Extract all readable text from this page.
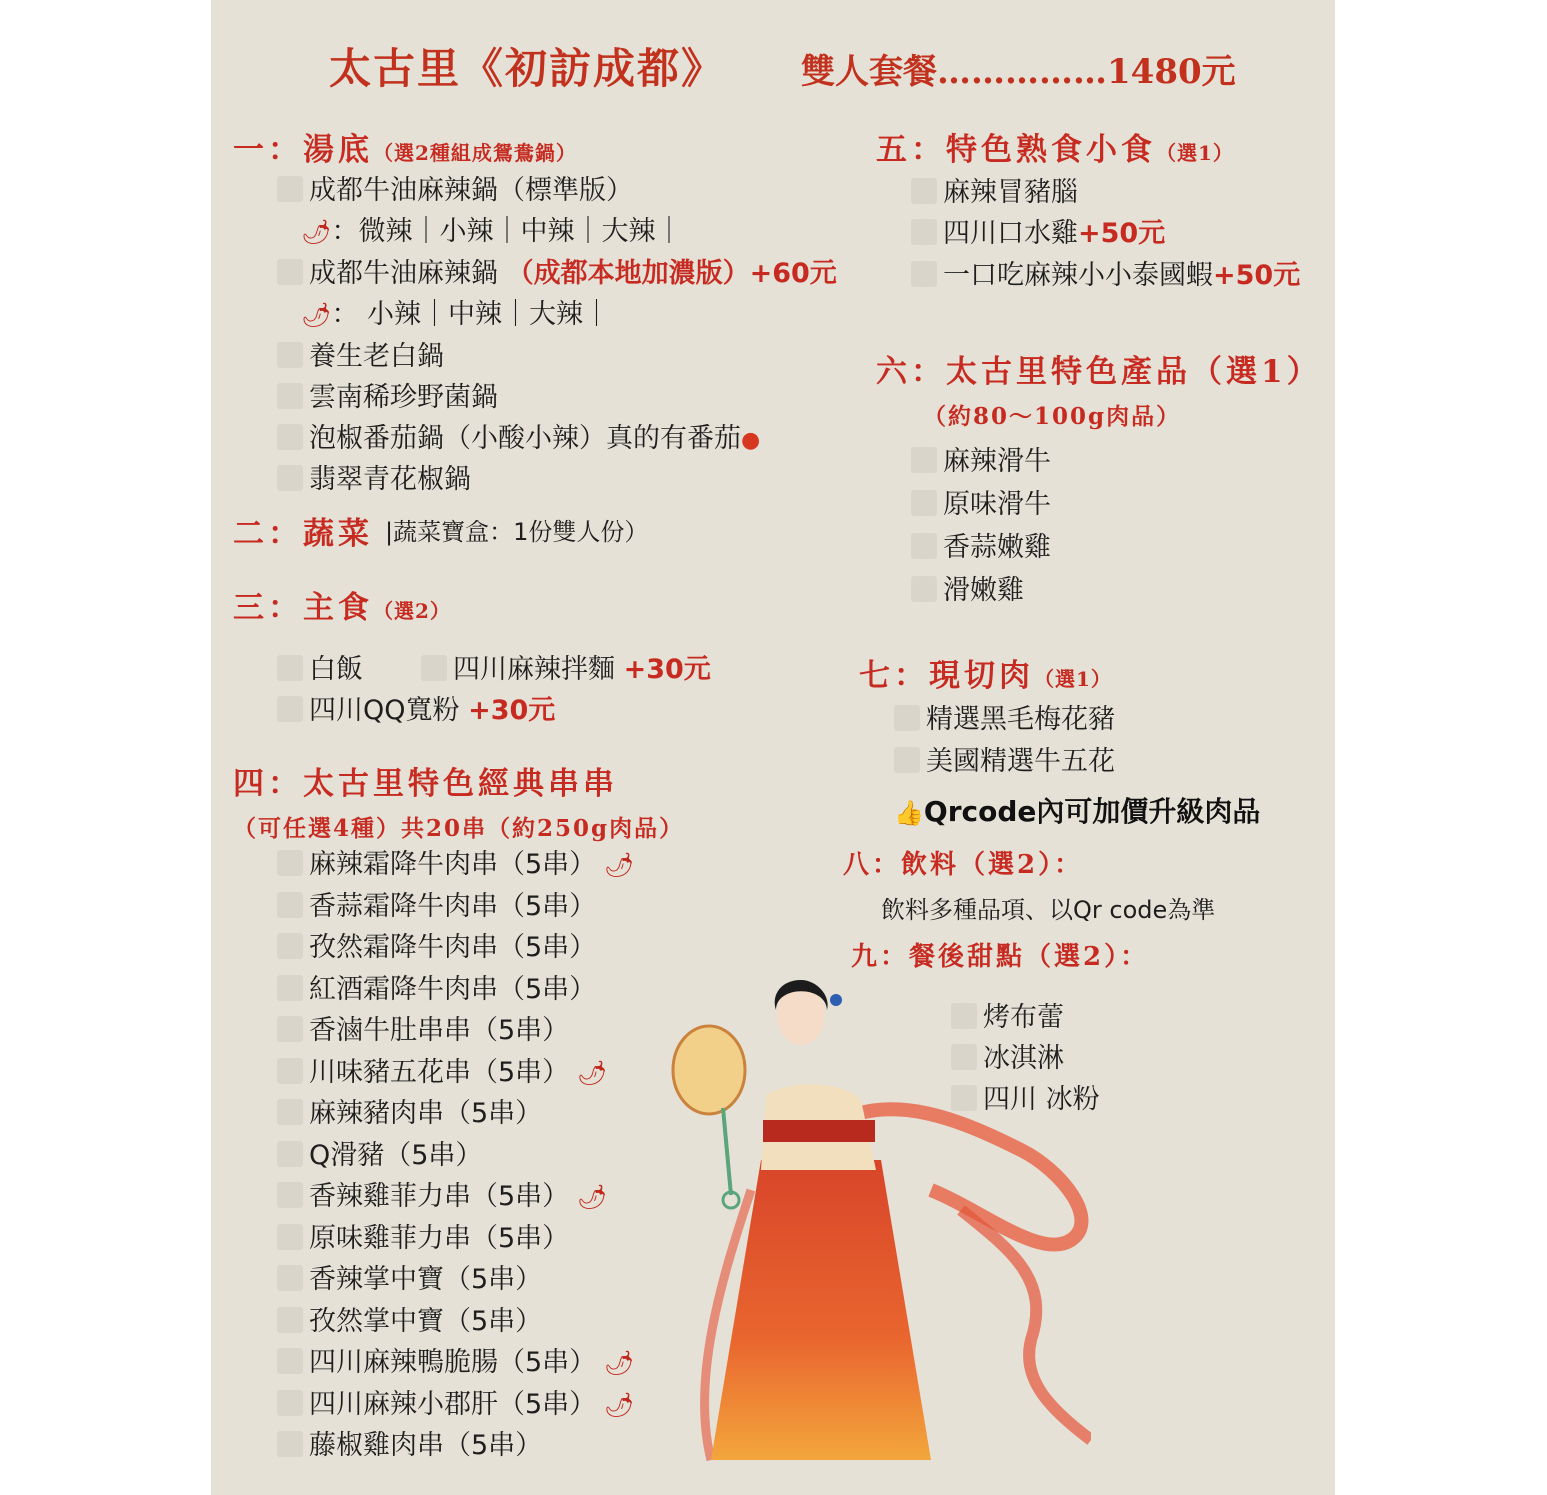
太古里《初訪成都》 雙人套餐……………1480元
一：湯底（選2種組成鴛鴦鍋）
成都牛油麻辣鍋（標準版）
🌶：微辣｜小辣｜中辣｜大辣｜
成都牛油麻辣鍋 （成都本地加濃版）+60元
🌶： 小辣｜中辣｜大辣｜
養生老白鍋
雲南稀珍野菌鍋
泡椒番茄鍋（小酸小辣）真的有番茄●
翡翠青花椒鍋
二：蔬菜 |蔬菜寶盒：1份雙人份）
三：主食（選2）
白飯	四川麻辣拌麵 +30元
四川QQ寬粉 +30元
四：太古里特色經典串串
（可任選4種）共20串（約250g肉品）
麻辣霜降牛肉串（5串） 🌶
香蒜霜降牛肉串（5串）
孜然霜降牛肉串（5串）
紅酒霜降牛肉串（5串）
香滷牛肚串串（5串）
川味豬五花串（5串） 🌶
麻辣豬肉串（5串）
Q滑豬（5串）
香辣雞菲力串（5串） 🌶
原味雞菲力串（5串）
香辣掌中寶（5串）
孜然掌中寶（5串）
四川麻辣鴨脆腸（5串） 🌶
四川麻辣小郡肝（5串） 🌶
藤椒雞肉串（5串）
五：特色熟食小食（選1）
麻辣冒豬腦
四川口水雞+50元
一口吃麻辣小小泰國蝦+50元
六：太古里特色產品（選1）
（約80～100g肉品）
麻辣滑牛
原味滑牛
香蒜嫩雞
滑嫩雞
七：現切肉（選1）
精選黑毛梅花豬
美國精選牛五花
👍Qrcode內可加價升級肉品
八：飲料（選2）：
飲料多種品項、以Qr code為準
九：餐後甜點（選2）：
烤布蕾
冰淇淋
四川 冰粉
